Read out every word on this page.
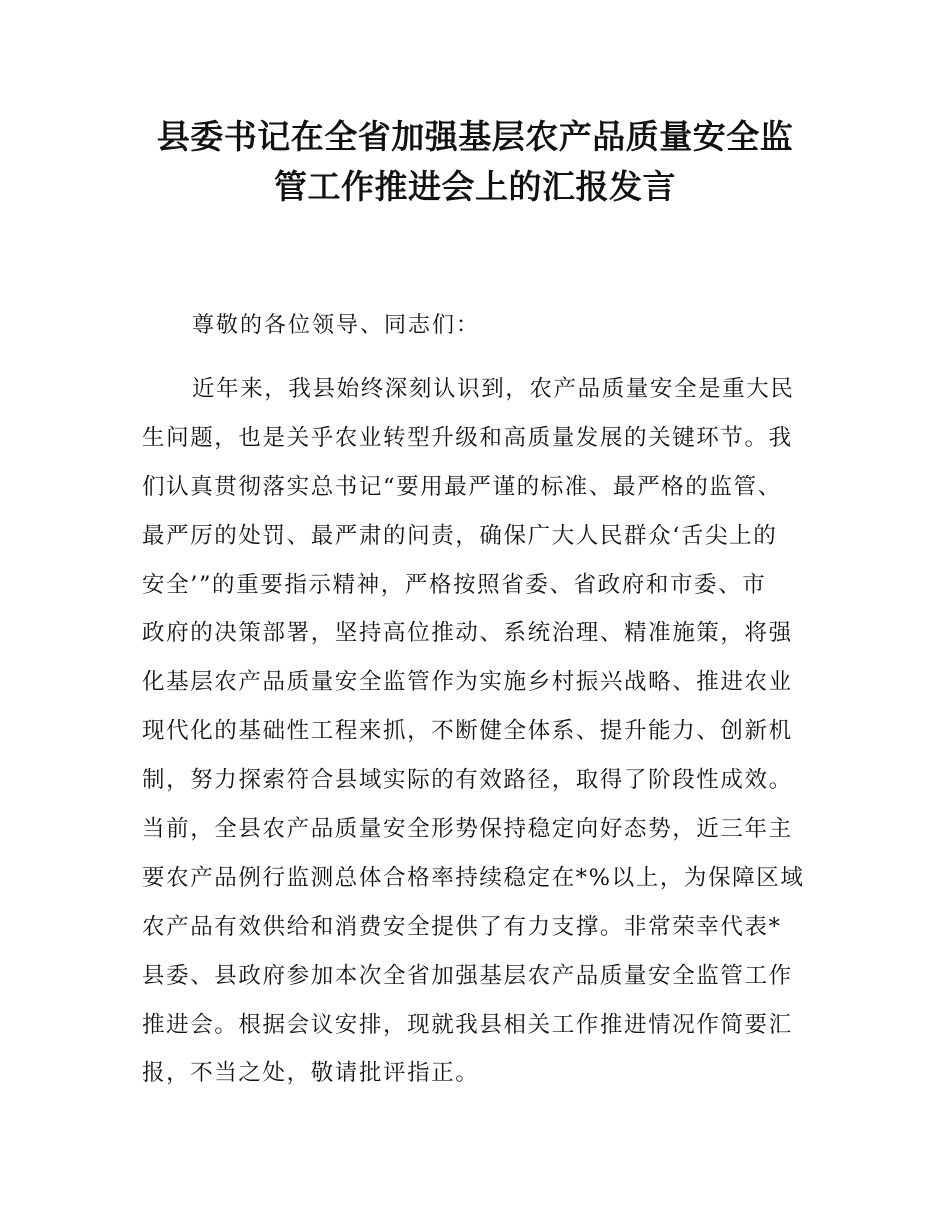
县委书记在全省加强基层农产品质量安全监
管工作推进会上的汇报发言

尊敬的各位领导、同志们：

近年来，我县始终深刻认识到，农产品质量安全是重大民
生问题，也是关乎农业转型升级和高质量发展的关键环节。我
们认真贯彻落实总书记“要用最严谨的标准、最严格的监管、
最严厉的处罚、最严肃的问责，确保广大人民群众‘舌尖上的
安全’”的重要指示精神，严格按照省委、省政府和市委、市
政府的决策部署，坚持高位推动、系统治理、精准施策，将强
化基层农产品质量安全监管作为实施乡村振兴战略、推进农业
现代化的基础性工程来抓，不断健全体系、提升能力、创新机
制，努力探索符合县域实际的有效路径，取得了阶段性成效。
当前，全县农产品质量安全形势保持稳定向好态势，近三年主
要农产品例行监测总体合格率持续稳定在*%以上，为保障区域
农产品有效供给和消费安全提供了有力支撑。非常荣幸代表*
县委、县政府参加本次全省加强基层农产品质量安全监管工作
推进会。根据会议安排，现就我县相关工作推进情况作简要汇
报，不当之处，敬请批评指正。
